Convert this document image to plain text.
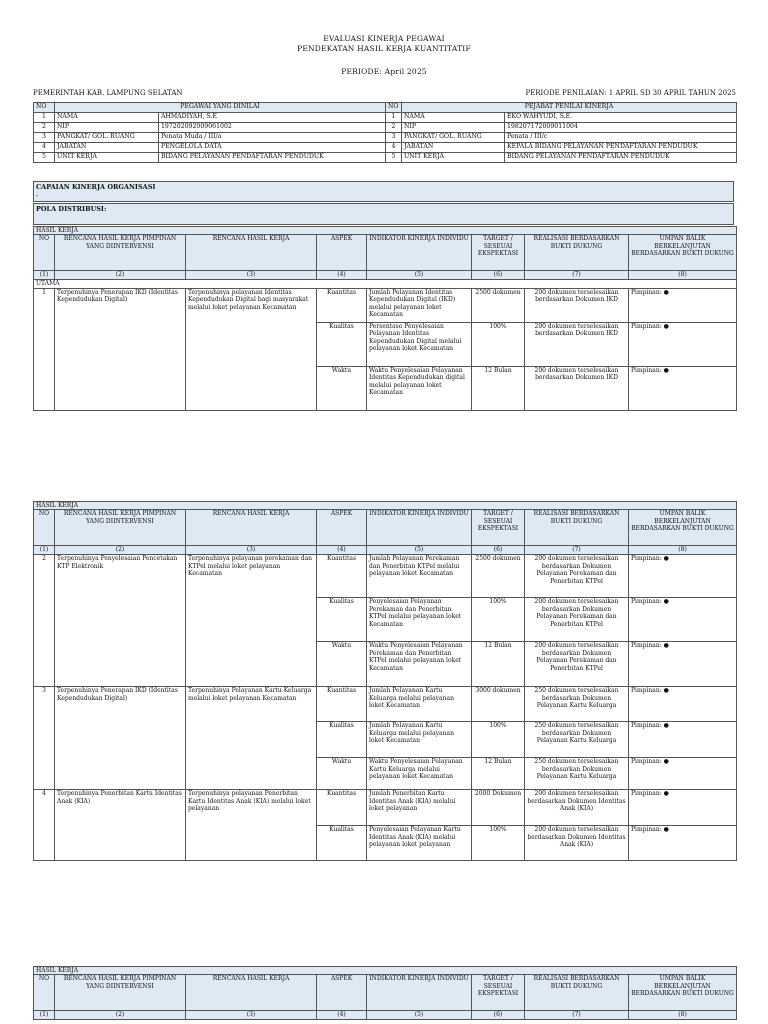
EVALUASI KINERJA PEGAWAI
PENDEKATAN HASIL KERJA KUANTITATIF
PERIODE: April 2025
PEMERINTAH KAB. LAMPUNG SELATAN	PERIODE PENILAIAN: 1 APRIL SD 30 APRIL TAHUN 2025
NO	PEGAWAI YANG DINILAI		NO	PEJABAT PENILAI KINERJA	
1	NAMA	AHMADIYAH, S.E	1	NAMA	EKO WAHYUDI, S.E.
2	NIP	197202092009061002	2	NIP	198207172009011004
3	PANGKAT/ GOL. RUANG	Penata Muda / III/a	3	PANGKAT/ GOL. RUANG	Penata / III/c
4	JABATAN	PENGELOLA DATA	4	JABATAN	KEPALA BIDANG PELAYANAN PENDAFTARAN PENDUDUK
5	UNIT KERJA	BIDANG PELAYANAN PENDAFTARAN PENDUDUK	5	UNIT KERJA	BIDANG PELAYANAN PENDAFTARAN PENDUDUK
CAPAIAN KINERJA ORGANISASI
-
POLA DISTRIBUSI:
HASIL KERJA							
NO	RENCANA HASIL KERJA PIMPINAN YANG DIINTERVENSI	RENCANA HASIL KERJA	ASPEK	INDIKATOR KINERJA INDIVIDU	TARGET / SESEUAI EKSPEKTASI	REALISASI BERDASARKAN BUKTI DUKUNG	UMPAN BALIK BERKELANJUTAN BERDASARKAN BUKTI DUKUNG
(1)	(2)	(3)	(4)	(5)	(6)	(7)	(8)
UTAMA							
1	Terpenuhinya Penerapan IKD (Identitas Kependudukan Digital)	Terpenuhinya pelayanan Identitas Kependudukan Digital bagi masyarakat melalui loket pelayanan Kecamatan	Kuantitas	Jumlah Pelayanan Identitas Kependudukan Digital (IKD) melalui pelayanan loket Kecamatan	2500 dokumen	200 dokumen terselesaikan berdasarkan Dokumen IKD	Pimpinan: ●
			Kualitas	Persentase Penyelesaian Pelayanan Identitas Kependudukan Digital melalui pelayanan loket Kecamatan	100%	200 dokumen terselesaikan berdasarkan Dokumen IKD	Pimpinan: ●
			Waktu	Waktu Penyelesaian Pelayanan Identitas Kependudukan digital melalui pelayanan loket Kecamatan	12 Bulan	200 dokumen terselesaikan berdasarkan Dokumen IKD	Pimpinan: ●
HASIL KERJA							
NO	RENCANA HASIL KERJA PIMPINAN YANG DIINTERVENSI	RENCANA HASIL KERJA	ASPEK	INDIKATOR KINERJA INDIVIDU	TARGET / SESEUAI EKSPEKTASI	REALISASI BERDASARKAN BUKTI DUKUNG	UMPAN BALIK BERKELANJUTAN BERDASARKAN BUKTI DUKUNG
(1)	(2)	(3)	(4)	(5)	(6)	(7)	(8)
2	Terpenuhinya Penyelesaian Pencetakan KTP Elektronik	Terpenuhinya pelayanan perekaman dan KTPel melalui loket pelayanan Kecamatan	Kuantitas	Jumlah Pelayanan Perekaman dan Penerbitan KTPel melalui pelayanan loket Kecamatan	2500 dokumen	200 dokumen terselesaikan berdasarkan Dokumen Pelayanan Perekaman dan Penerbitan KTPel	Pimpinan: ●
			Kualitas	Penyelesaian Pelayanan Perekaman dan Penerbitan KTPel melalui pelayanan loket Kecamatan	100%	200 dokumen terselesaikan berdasarkan Dokumen Pelayanan Perekaman dan Penerbitan KTPel	Pimpinan: ●
			Waktu	Waktu Penyelesaian Pelayanan Perekaman dan Penerbitan KTPel melalui pelayanan loket Kecamatan	12 Bulan	200 dokumen terselesaikan berdasarkan Dokumen Pelayanan Perekaman dan Penerbitan KTPel	Pimpinan: ●
3	Terpenuhinya Penerapan IKD (Identitas Kependudukan Digital)	Terpenuhinya Pelayanan Kartu Keluarga melalui loket pelayanan Kecamatan	Kuantitas	Jumlah Pelayanan Kartu Keluarga melalui pelayanan loket Kecamatan	3000 dokumen	250 dokumen terselesaikan berdasarkan Dokumen Pelayanan Kartu Keluarga	Pimpinan: ●
			Kualitas	Jumlah Pelayanan Kartu Keluarga melalui pelayanan loket Kecamatan	100%	250 dokumen terselesaikan berdasarkan Dokumen Pelayanan Kartu Keluarga	Pimpinan: ●
			Waktu	Waktu Penyelesaian Pelayanan Kartu Keluarga melalui pelayanan loket Kecamatan	12 Bulan	250 dokumen terselesaikan berdasarkan Dokumen Pelayanan Kartu Keluarga	Pimpinan: ●
4	Terpenuhinya Penerbitan Kartu Identitas Anak (KIA)	Terpenuhinya pelayanan Penerbitan Kartu Identitas Anak (KIA) melalui loket pelayanan	Kuantitas	Jumlah Penerbitan Kartu Identitas Anak (KIA) melalui loket pelayanan	2000 Dokumen	200 dokumen terselesaikan berdasarkan Dokumen Identitas Anak (KIA)	Pimpinan: ●
			Kualitas	Penyelesaian Pelayanan Kartu Identitas Anak (KIA) melalui pelayanan loket pelayanan	100%	200 dokumen terselesaikan berdasarkan Dokumen Identitas Anak (KIA)	Pimpinan: ●
HASIL KERJA							
NO	RENCANA HASIL KERJA PIMPINAN YANG DIINTERVENSI	RENCANA HASIL KERJA	ASPEK	INDIKATOR KINERJA INDIVIDU	TARGET / SESEUAI EKSPEKTASI	REALISASI BERDASARKAN BUKTI DUKUNG	UMPAN BALIK BERKELANJUTAN BERDASARKAN BUKTI DUKUNG
(1)	(2)	(3)	(4)	(5)	(6)	(7)	(8)
